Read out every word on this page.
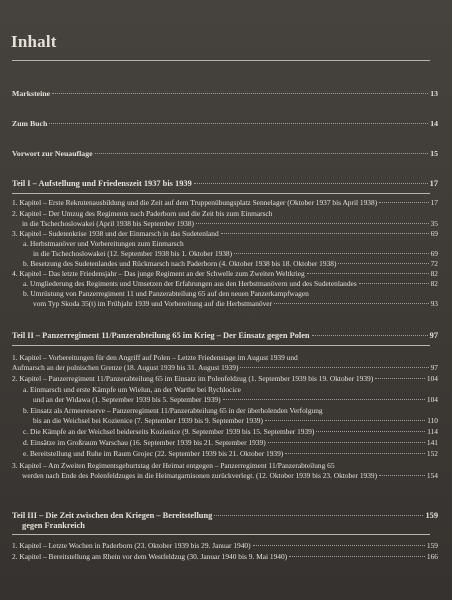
Inhalt
Marksteine	13
Zum Buch	14
Vorwort zur Neuauflage	15
Teil I – Aufstellung und Friedenszeit 1937 bis 1939	17
1. Kapitel – Erste Rekrutenausbildung und die Zeit auf dem Truppenübungsplatz Sennelager (Oktober 1937 bis April 1938)	17
2. Kapitel – Der Umzug des Regiments nach Paderborn und die Zeit bis zum Einmarsch
in die Tschechoslowakei (April 1938 bis September 1938)	35
3. Kapitel – Sudetenkrise 1938 und der Einmarsch in das Sudetenland	69
a. Herbstmanöver und Vorbereitungen zum Einmarsch
in die Tschechoslowakei (12. September 1938 bis 1. Oktober 1938)	69
b. Besetzung des Sudetenlandes und Rückmarsch nach Paderborn (4. Oktober 1938 bis 18. Oktober 1938)	72
4. Kapitel – Das letzte Friedensjahr – Das junge Regiment an der Schwelle zum Zweiten Weltkrieg	82
a. Umgliederung des Regiments und Umsetzen der Erfahrungen aus den Herbstmanövern und des Sudetenlandes	82
b. Umrüstung von Panzerregiment 11 und Panzerabteilung 65 auf den neuen Panzerkampfwagen
vom Typ Skoda 35(t) im Frühjahr 1939 und Vorbereitung auf die Herbstmanöver	93
Teil II – Panzerregiment 11/Panzerabteilung 65 im Krieg – Der Einsatz gegen Polen	97
1. Kapitel – Vorbereitungen für den Angriff auf Polen – Letzte Friedenstage im August 1939 und
Aufmarsch an der polnischen Grenze (18. August 1939 bis 31. August 1939)	97
2. Kapitel – Panzerregiment 11/Panzerabteilung 65 im Einsatz im Polenfeldzug (1. September 1939 bis 19. Oktober 1939)	104
a. Einmarsch und erste Kämpfe um Wielun, an der Warthe bei Rychlocice
und an der Widawa (1. September 1939 bis 5. September 1939)	104
b. Einsatz als Armeereserve – Panzerregiment 11/Panzerabteilung 65 in der überholenden Verfolgung
bis an die Weichsel bei Kozienice (7. September 1939 bis 9. September 1939)	110
c. Die Kämpfe an der Weichsel beiderseits Kozienice (9. September 1939 bis 15. September 1939)	114
d. Einsätze im Großraum Warschau (16. September 1939 bis 21. September 1939)	141
e. Bereitstellung und Ruhe im Raum Grojec (22. September 1939 bis 21. Oktober 1939)	152
3. Kapitel – Am Zweiten Regimentsgeburtstag der Heimat entgegen – Panzerregiment 11/Panzerabteilung 65
werden nach Ende des Polenfeldzuges in die Heimatgarnisonen zurückverlegt. (12. Oktober 1939 bis 23. Oktober 1939)	154
Teil III – Die Zeit zwischen den Kriegen – Bereitstellung	159
gegen Frankreich
1. Kapitel – Letzte Wochen in Paderborn (23. Oktober 1939 bis 29. Januar 1940)	159
2. Kapitel – Bereitstellung am Rhein vor dem Westfeldzug (30. Januar 1940 bis 9. Mai 1940)	166
